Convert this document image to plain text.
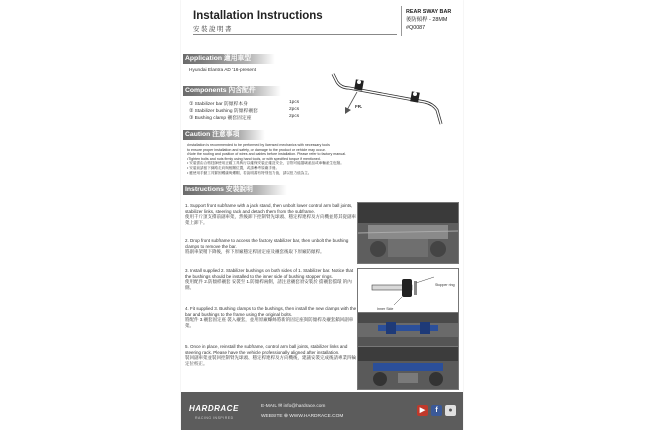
Installation Instructions
安裝說明書
REAR SWAY BAR
後防傾桿 - 28MM
#Q0087
Application 適用車型
Hyundai Elantra AD '16-present
FR.
Components 內含配件
① Stabilizer bar 防傾桿本身	1pcs
② Stabilizer bushing 防傾桿襯套	2pcs
③ Bushing clamp 襯套固定座	2pcs
Caution 注意事項
•Installation is recommended to be performed by licensed mechanics with necessary tools
to ensure proper installation and safety, or damage to the product or vehicle may occur.
•Note the routing and position of wires and cables before installation. Please refer to factory manual.
•Tighten bolts and nuts firmly using hand tools, or with specified torque if mentioned.
• 安裝需由合格技師使用正確工具執行以確保安裝正確及安全，否則可能損壞產品或車輛產生危險。
• 安裝前請留下線路走向與相關位置，或請參考原廠手冊。
• 應使用手動工具緊固螺絲與螺帽，若說明書有特別扭力值，請以扭力值為主。
Instructions 安裝說明
1. Support front subframe with a jack stand, then unbolt lower control arm ball joints, stabilizer links, steering rack and detach them from the subframe.
使用千斤頂支撐前副車架，然後卸下控制臂先球頭、穩定桿連桿及方向機並將其從副車架上卸下。
2. Drop front subframe to access the factory stabilizer bar, then unbolt the bushing clamps to remove the bar.
將副車架稍下降後，拆下原廠穩定桿固定座及襯套後取下原廠防傾桿。
3. Install supplied 2. Stabilizer bushings on both sides of 1. Stabilizer bar. Notice that the bushings should be installed to the inner side of bushing stopper rings.
使用配件 2.防傾桿襯套 安裝至 1.防傾桿兩側，請注意襯套須安裝於 擋襯套擋環 的內側。
4. Fit supplied 3. Bushing clamps to the bushings, then install the new clamps with the bar and bushings to the frame using the original bolts.
將配件 3.襯套固定座 裝入襯套，並用原廠螺絲將新的固定座與防傾桿及襯套鎖回副車架。
5. Once in place, reinstall the subframe, control arm ball joints, stabilizer links and steering rack. Please have the vehicle professionally aligned after installation.
裝回副車架並裝回控制臂先球頭、穩定桿連桿及方向機後，建議安裝完成後請專業四輪定位校正。
Stopper ring
Inner Side
HARDRACE
RACING INSPIRED
E-MAIL ✉ info@hardrace.com
WEBSITE ⊕ WWW.HARDRACE.COM
▶	f	●
